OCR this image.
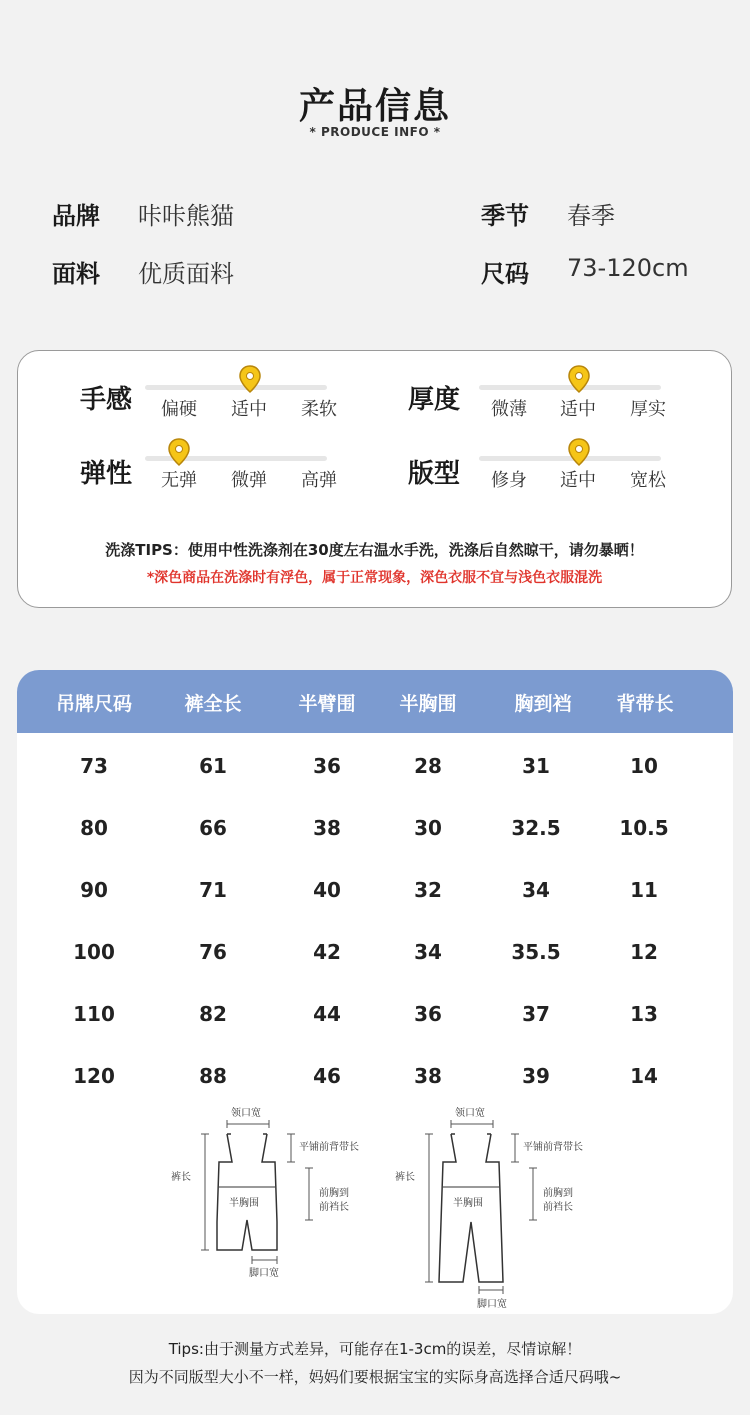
产品信息
* PRODUCE INFO *
品牌 咔咔熊猫	季节 春季
面料 优质面料	尺码 73-120cm
手感	偏硬	适中	柔软	厚度	微薄	适中	厚实
弹性	无弹	微弹	高弹	版型	修身	适中	宽松
洗涤TIPS：使用中性洗涤剂在30度左右温水手洗，洗涤后自然晾干，请勿暴晒！
*深色商品在洗涤时有浮色，属于正常现象，深色衣服不宜与浅色衣服混洗
吊牌尺码	裤全长	半臂围	半胸围	胸到裆	背带长
73	61	36	28	31	10
80	66	38	30	32.5	10.5
90	71	40	32	34	11
100	76	42	34	35.5	12
110	82	44	36	37	13
120	88	46	38	39	14
领口宽
半胸围
裤长
平铺前背带长
前胸到
前裆长
脚口宽
领口宽
半胸围
裤长
平铺前背带长
前胸到
前裆长
脚口宽
Tips:由于测量方式差异，可能存在1-3cm的误差，尽情谅解！
因为不同版型大小不一样，妈妈们要根据宝宝的实际身高选择合适尺码哦~
